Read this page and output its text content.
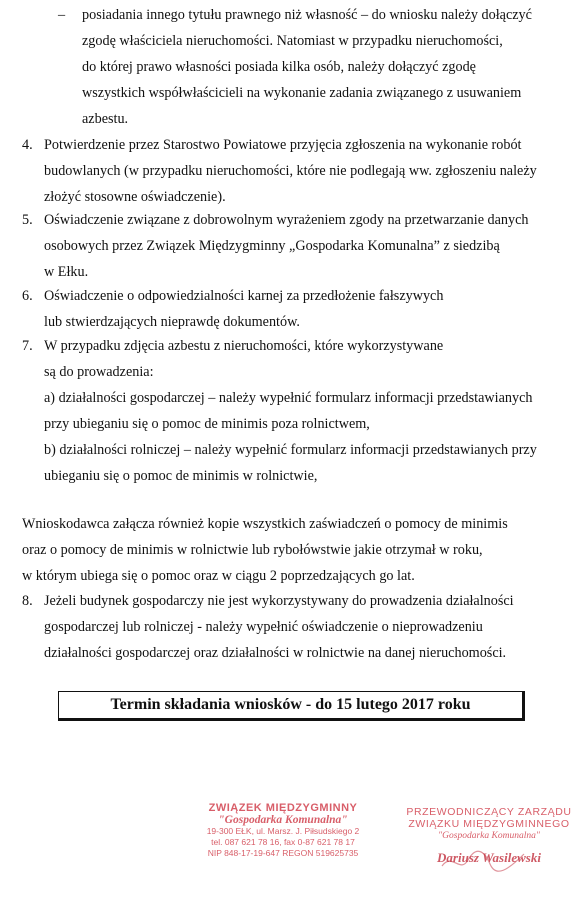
– posiadania innego tytułu prawnego niż własność – do wniosku należy dołączyć

zgodę właściciela nieruchomości. Natomiast w przypadku nieruchomości,

do której prawo własności posiada kilka osób, należy dołączyć zgodę

wszystkich współwłaścicieli na wykonanie zadania związanego z usuwaniem

azbestu.

4. Potwierdzenie przez Starostwo Powiatowe przyjęcia zgłoszenia na wykonanie robót

budowlanych (w przypadku nieruchomości, które nie podlegają ww. zgłoszeniu należy

złożyć stosowne oświadczenie).

5. Oświadczenie związane z dobrowolnym wyrażeniem zgody na przetwarzanie danych

osobowych przez Związek Międzygminny „Gospodarka Komunalna” z siedzibą

w Ełku.

6. Oświadczenie o odpowiedzialności karnej za przedłożenie fałszywych

lub stwierdzających nieprawdę dokumentów.

7. W przypadku zdjęcia azbestu z nieruchomości, które wykorzystywane

są do prowadzenia:

a) działalności gospodarczej – należy wypełnić formularz informacji przedstawianych

przy ubieganiu się o pomoc de minimis poza rolnictwem,

b) działalności rolniczej – należy wypełnić formularz informacji przedstawianych przy

ubieganiu się o pomoc de minimis w rolnictwie,

Wnioskodawca załącza również kopie wszystkich zaświadczeń o pomocy de minimis

oraz o pomocy de minimis w rolnictwie lub rybołówstwie jakie otrzymał w roku,

w którym ubiega się o pomoc oraz w ciągu 2 poprzedzających go lat.

8. Jeżeli budynek gospodarczy nie jest wykorzystywany do prowadzenia działalności

gospodarczej lub rolniczej - należy wypełnić oświadczenie o nieprowadzeniu

działalności gospodarczej oraz działalności w rolnictwie na danej nieruchomości.

Termin składania wniosków - do 15 lutego 2017 roku
ZWIĄZEK MIĘDZYGMINNY
"Gospodarka Komunalna"
19-300 EŁK, ul. Marsz. J. Piłsudskiego 2
tel. 087 621 78 16, fax 0-87 621 78 17
NIP 848-17-19-647 REGON 519625735
PRZEWODNICZĄCY ZARZĄDU
ZWIĄZKU MIĘDZYGMINNEGO
"Gospodarka Komunalna"
Dariusz Wasilewski
